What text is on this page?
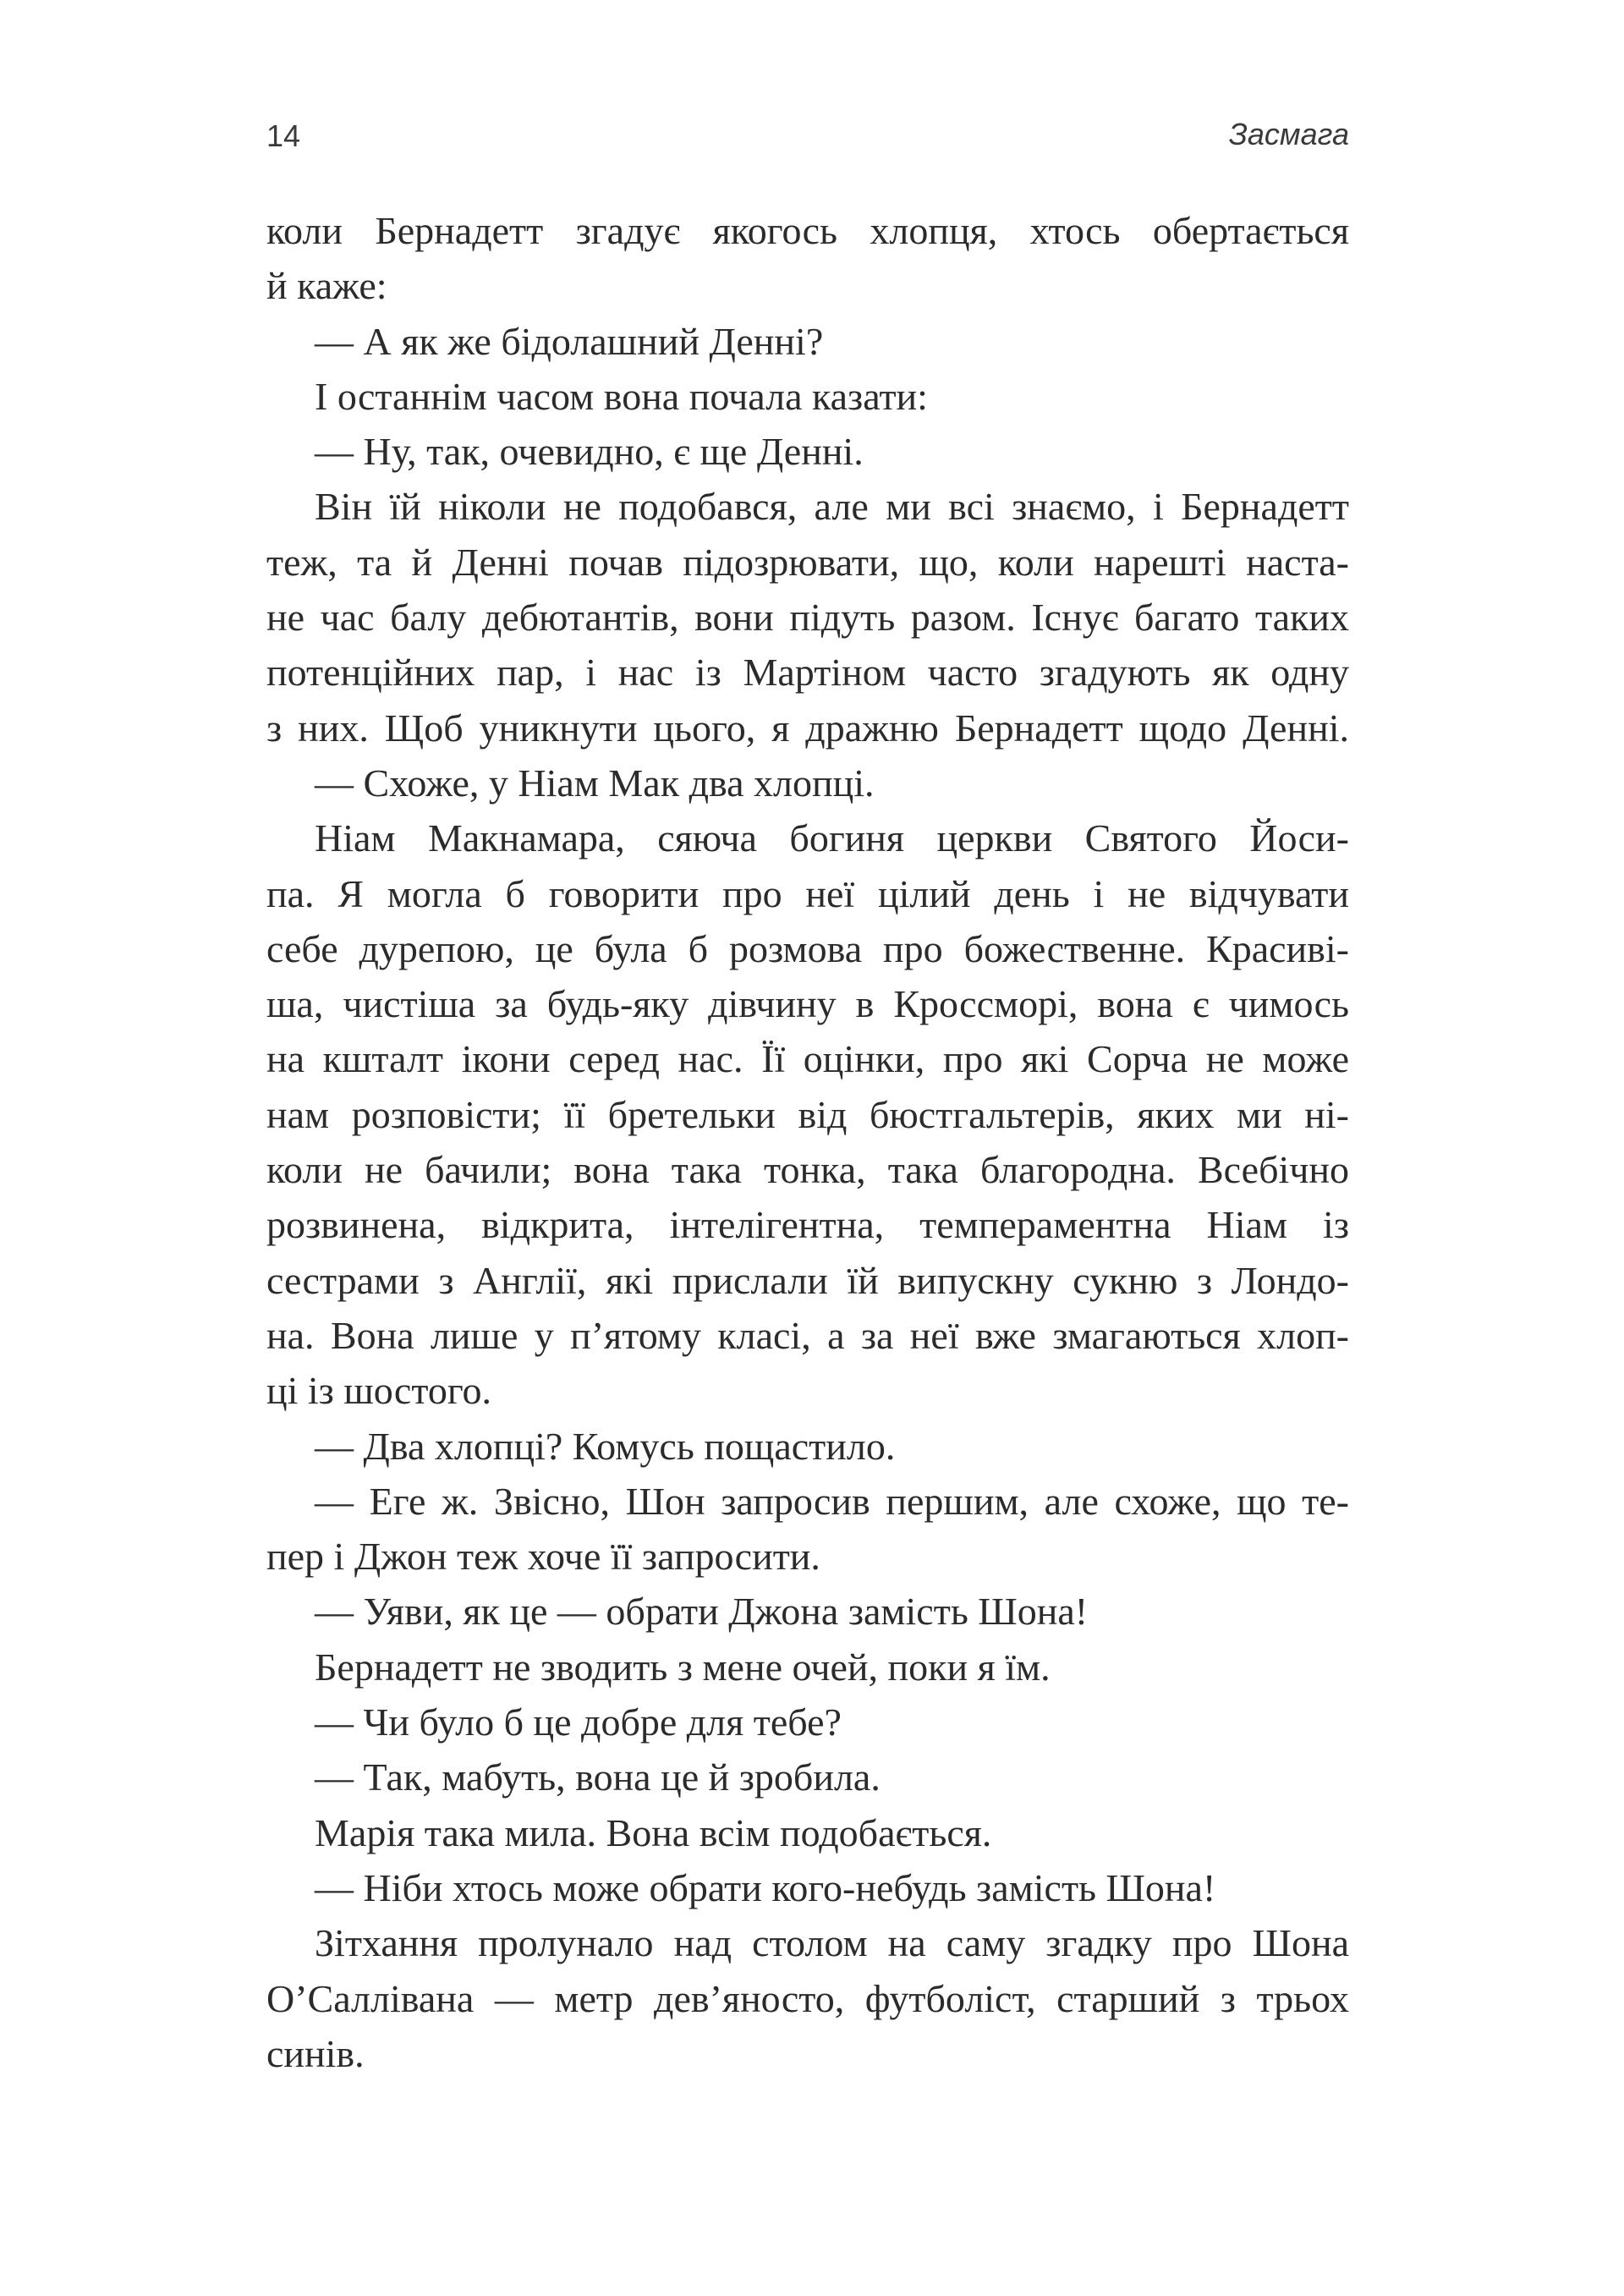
14	Засмага
коли Бернадетт згадує якогось хлопця, хтось обертається
й каже:
— А як же бідолашний Денні?
І останнім часом вона почала казати:
— Ну, так, очевидно, є ще Денні.
Він їй ніколи не подобався, але ми всі знаємо, і Бернадетт
теж, та й Денні почав підозрювати, що, коли нарешті наста-
не час балу дебютантів, вони підуть разом. Існує багато таких
потенційних пар, і нас із Мартіном часто згадують як одну
з них. Щоб уникнути цього, я дражню Бернадетт щодо Денні.
— Схоже, у Ніам Мак два хлопці.
Ніам Макнамара, сяюча богиня церкви Святого Йоси-
па. Я могла б говорити про неї цілий день і не відчувати
себе дурепою, це була б розмова про божественне. Красиві-
ша, чистіша за будь-яку дівчину в Кроссморі, вона є чимось
на кшталт ікони серед нас. Її оцінки, про які Сорча не може
нам розповісти; її бретельки від бюстгальтерів, яких ми ні-
коли не бачили; вона така тонка, така благородна. Всебічно
розвинена, відкрита, інтелігентна, темпераментна Ніам із
сестрами з Англії, які прислали їй випускну сукню з Лондо-
на. Вона лише у п’ятому класі, а за неї вже змагаються хлоп-
ці із шостого.
— Два хлопці? Комусь пощастило.
— Еге ж. Звісно, Шон запросив першим, але схоже, що те-
пер і Джон теж хоче її запросити.
— Уяви, як це — обрати Джона замість Шона!
Бернадетт не зводить з мене очей, поки я їм.
— Чи було б це добре для тебе?
— Так, мабуть, вона це й зробила.
Марія така мила. Вона всім подобається.
— Ніби хтось може обрати кого-небудь замість Шона!
Зітхання пролунало над столом на саму згадку про Шона
О’Саллівана — метр дев’яносто, футболіст, старший з трьох
синів.
